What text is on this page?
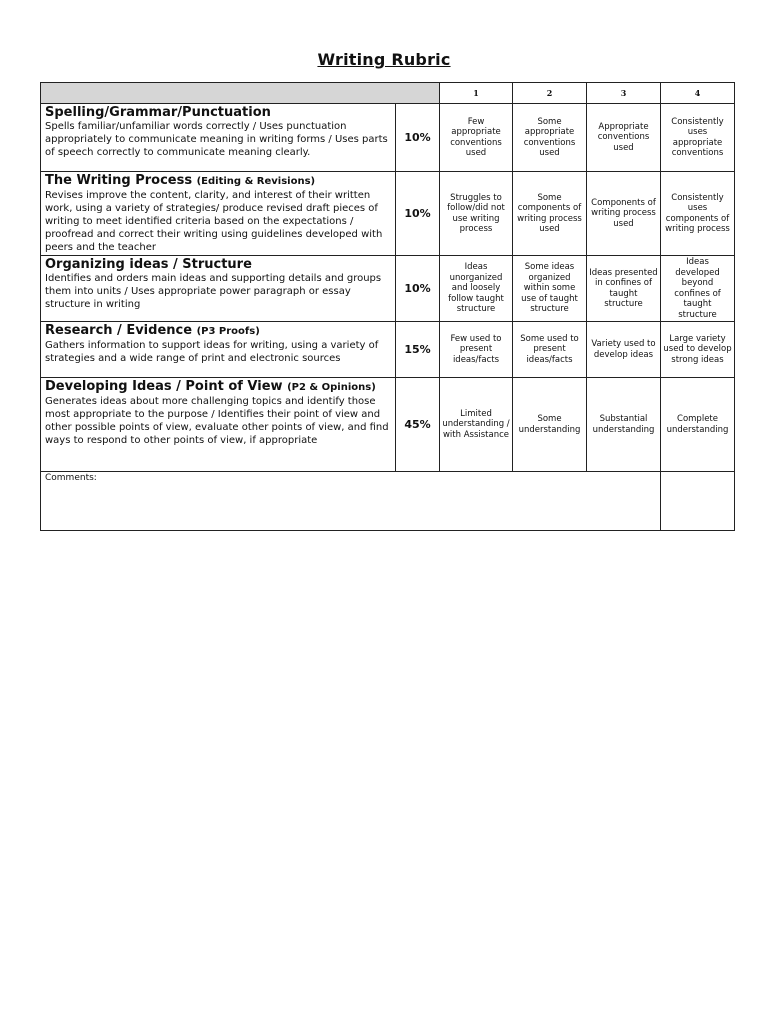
Writing Rubric
		1	2	3	4

Spelling/Grammar/Punctuation
Spells familiar/unfamiliar words correctly / Uses punctuation appropriately to communicate meaning in writing forms / Uses parts of speech correctly to communicate meaning clearly.	10%	Few appropriate conventions used	Some appropriate conventions used	Appropriate conventions used	Consistently uses appropriate conventions

The Writing Process (Editing & Revisions)
Revises improve the content, clarity, and interest of their written work, using a variety of strategies/ produce revised draft pieces of writing to meet identified criteria based on the expectations / proofread and correct their writing using guidelines developed with peers and the teacher	10%	Struggles to follow/did not use writing process	Some components of writing process used	Components of writing process used	Consistently uses components of writing process

Organizing ideas / Structure
Identifies and orders main ideas and supporting details and groups them into units / Uses appropriate power paragraph or essay structure in writing	10%	Ideas unorganized and loosely follow taught structure	Some ideas organized within some use of taught structure	Ideas presented in confines of taught structure	Ideas developed beyond confines of taught structure

Research / Evidence (P3 Proofs)
Gathers information to support ideas for writing, using a variety of strategies and a wide range of print and electronic sources	15%	Few used to present ideas/facts	Some used to present ideas/facts	Variety used to develop ideas	Large variety used to develop strong ideas

Developing Ideas / Point of View (P2 & Opinions)
Generates ideas about more challenging topics and identify those most appropriate to the purpose / Identifies their point of view and other possible points of view, evaluate other points of view, and find ways to respond to other points of view, if appropriate	45%	Limited understanding / with Assistance	Some understanding	Substantial understanding	Complete understanding
Comments:					
